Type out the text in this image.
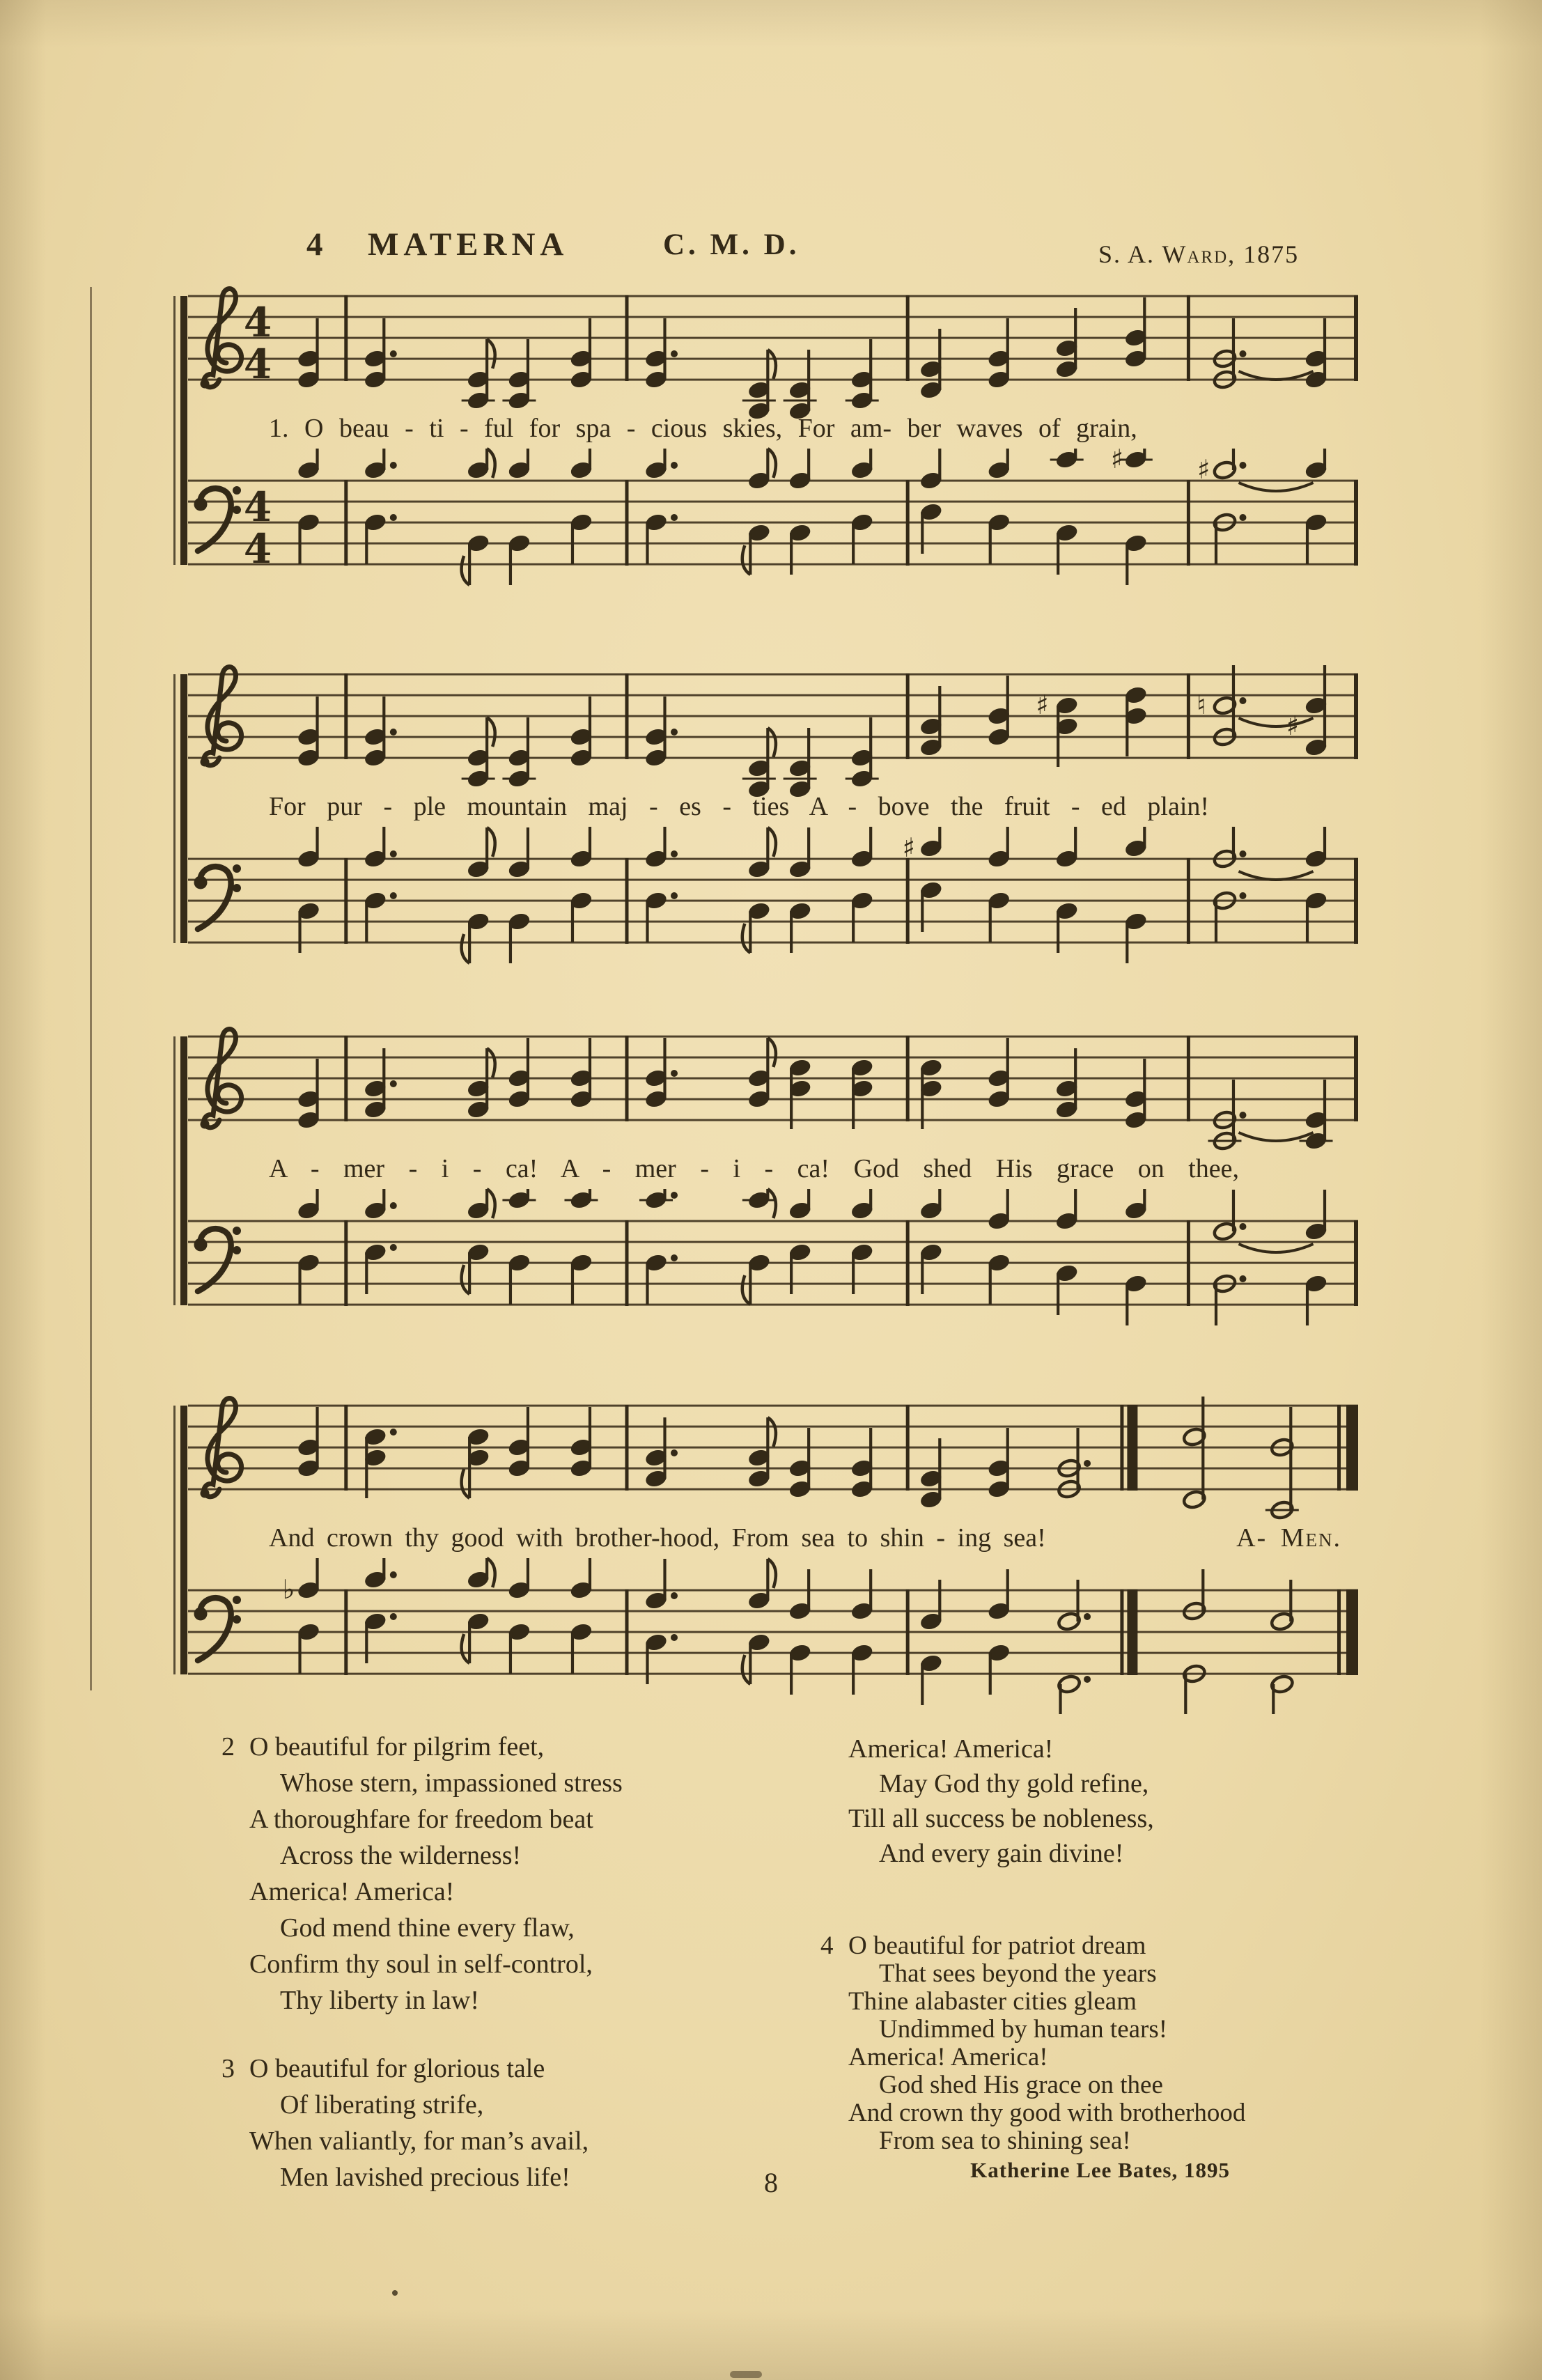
4 MATERNA	C. M. D.	S. A. Ward, 1875
4
4
1. O beau - ti - ful for spa - cious skies, For am- ber waves of grain,
4
4
♯	♯
♯	♮
♯
For pur - ple mountain maj - es - ties A - bove the fruit - ed plain!
♯
A - mer - i - ca! A - mer - i - ca! God shed His grace on thee,
And crown thy good with brother-hood, From sea to shin - ing sea!	A- Men.
♭
2 O beautiful for pilgrim feet,
Whose stern, impassioned stress
A thoroughfare for freedom beat
Across the wilderness!
America! America!
God mend thine every flaw,
Confirm thy soul in self-control,
Thy liberty in law!
3 O beautiful for glorious tale
Of liberating strife,
When valiantly, for man’s avail,
Men lavished precious life!
America! America!
May God thy gold refine,
Till all success be nobleness,
And every gain divine!
4 O beautiful for patriot dream
That sees beyond the years
Thine alabaster cities gleam
Undimmed by human tears!
America! America!
God shed His grace on thee
And crown thy good with brotherhood
From sea to shining sea!
Katherine Lee Bates, 1895
8
